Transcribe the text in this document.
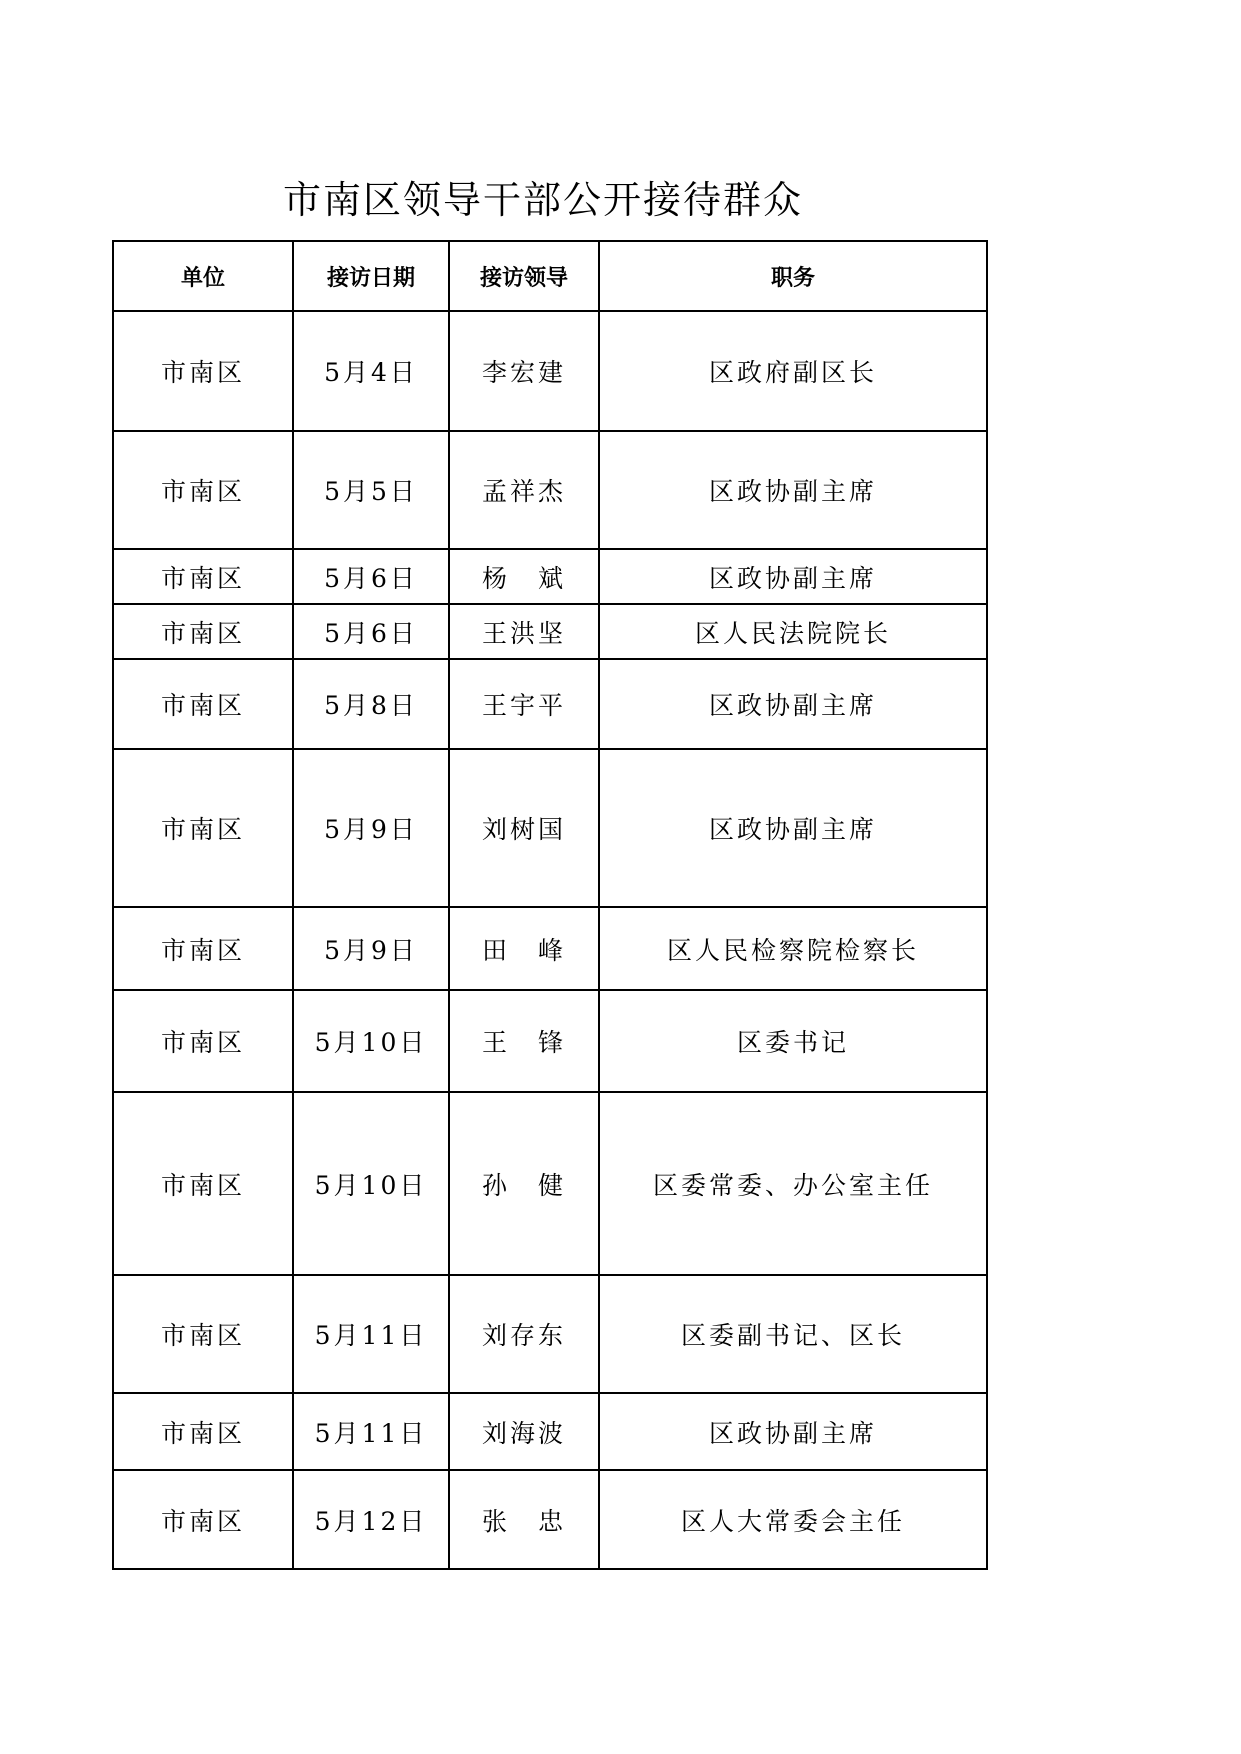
市南区领导干部公开接待群众
单位	接访日期	接访领导	职务
市南区	5月4日	李宏建	区政府副区长
市南区	5月5日	孟祥杰	区政协副主席
市南区	5月6日	杨　斌	区政协副主席
市南区	5月6日	王洪坚	区人民法院院长
市南区	5月8日	王宇平	区政协副主席
市南区	5月9日	刘树国	区政协副主席
市南区	5月9日	田　峰	区人民检察院检察长
市南区	5月10日	王　锋	区委书记
市南区	5月10日	孙　健	区委常委、办公室主任
市南区	5月11日	刘存东	区委副书记、区长
市南区	5月11日	刘海波	区政协副主席
市南区	5月12日	张　忠	区人大常委会主任
